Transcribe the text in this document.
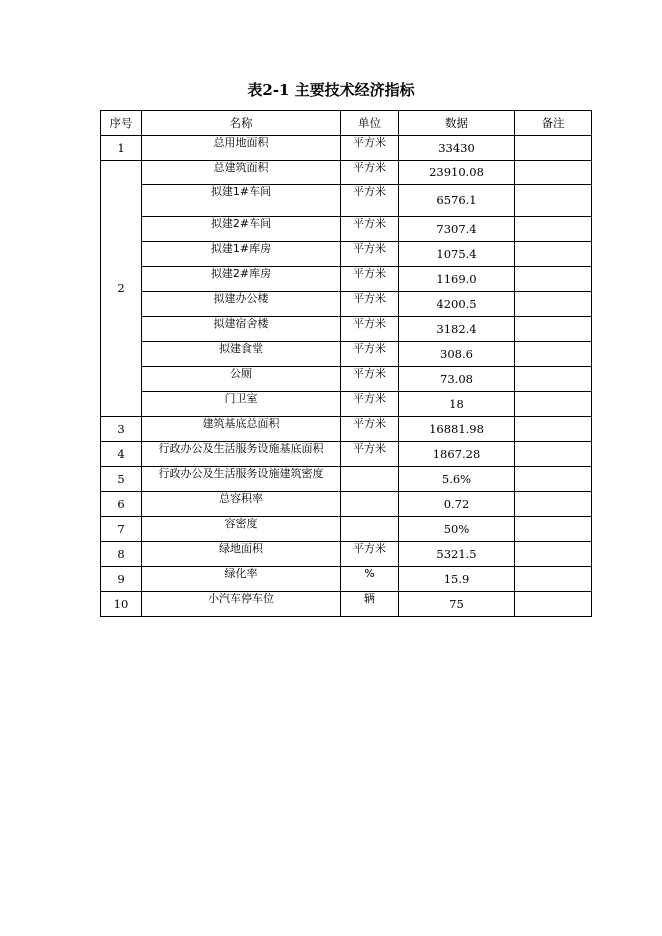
表2-1 主要技术经济指标
序号	名称	单位	数据	备注
1	总用地面积	平方米	33430	
2	总建筑面积	平方米	23910.08	
	拟建1#车间	平方米	6576.1	
	拟建2#车间	平方米	7307.4	
	拟建1#库房	平方米	1075.4	
	拟建2#库房	平方米	1169.0	
	拟建办公楼	平方米	4200.5	
	拟建宿舍楼	平方米	3182.4	
	拟建食堂	平方米	308.6	
	公厕	平方米	73.08	
	门卫室	平方米	18	
3	建筑基底总面积	平方米	16881.98	
4	行政办公及生活服务设施基底面积	平方米	1867.28	
5	行政办公及生活服务设施建筑密度		5.6%	
6	总容积率		0.72	
7	容密度		50%	
8	绿地面积	平方米	5321.5	
9	绿化率	%	15.9	
10	小汽车停车位	辆	75	
